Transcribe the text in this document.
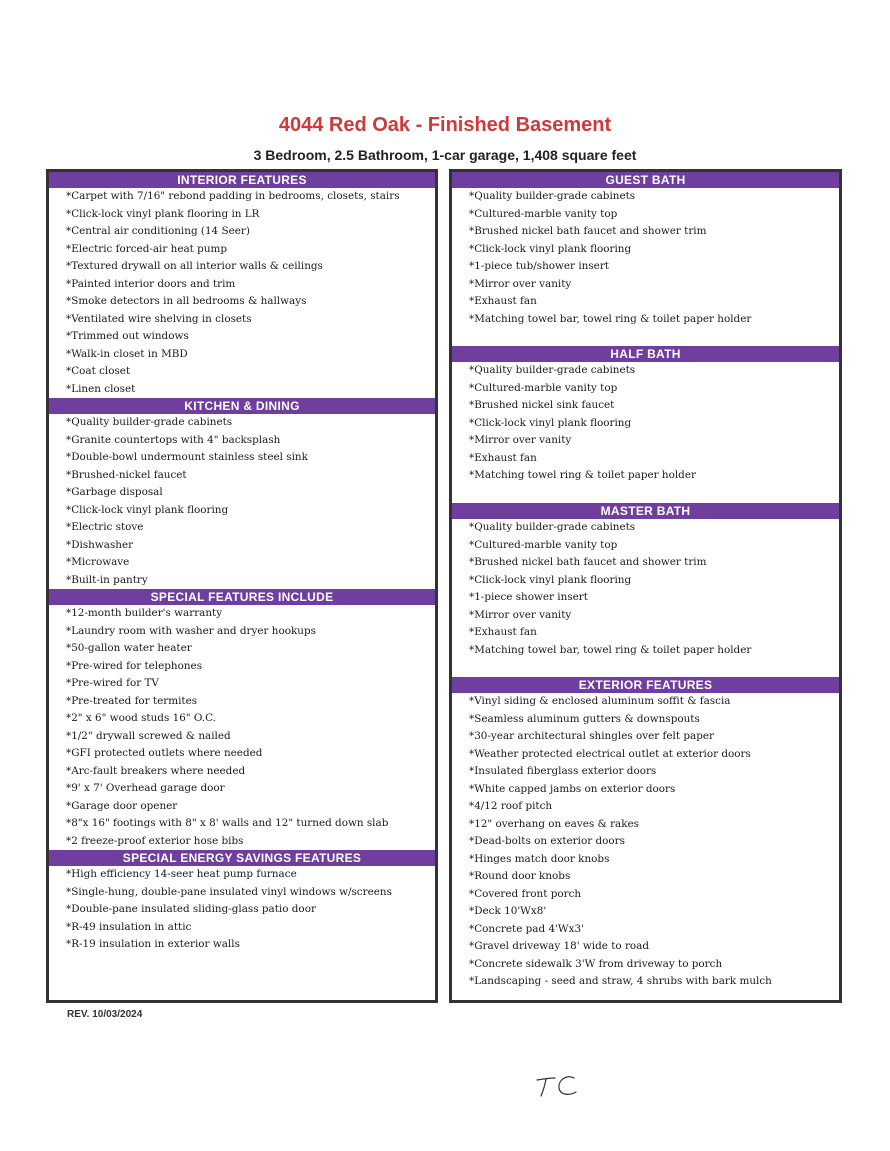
4044 Red Oak - Finished Basement
3 Bedroom, 2.5 Bathroom, 1-car garage, 1,408 square feet
INTERIOR FEATURES
*Carpet with 7/16" rebond padding in bedrooms, closets, stairs
*Click-lock vinyl plank flooring in LR
*Central air conditioning (14 Seer)
*Electric forced-air heat pump
*Textured drywall on all interior walls & ceilings
*Painted interior doors and trim
*Smoke detectors in all bedrooms & hallways
*Ventilated wire shelving in closets
*Trimmed out windows
*Walk-in closet in MBD
*Coat closet
*Linen closet
KITCHEN & DINING
*Quality builder-grade cabinets
*Granite countertops with 4" backsplash
*Double-bowl undermount stainless steel sink
*Brushed-nickel faucet
*Garbage disposal
*Click-lock vinyl plank flooring
*Electric stove
*Dishwasher
*Microwave
*Built-in pantry
SPECIAL FEATURES INCLUDE
*12-month builder's warranty
*Laundry room with washer and dryer hookups
*50-gallon water heater
*Pre-wired for telephones
*Pre-wired for TV
*Pre-treated for termites
*2" x 6" wood studs 16" O.C.
*1/2" drywall screwed & nailed
*GFI protected outlets where needed
*Arc-fault breakers where needed
*9' x 7' Overhead garage door
*Garage door opener
*8"x 16" footings with 8" x 8' walls and 12" turned down slab
*2 freeze-proof exterior hose bibs
SPECIAL ENERGY SAVINGS FEATURES
*High efficiency 14-seer heat pump furnace
*Single-hung, double-pane insulated vinyl windows w/screens
*Double-pane insulated sliding-glass patio door
*R-49 insulation in attic
*R-19 insulation in exterior walls
GUEST BATH
*Quality builder-grade cabinets
*Cultured-marble vanity top
*Brushed nickel bath faucet and shower trim
*Click-lock vinyl plank flooring
*1-piece tub/shower insert
*Mirror over vanity
*Exhaust fan
*Matching towel bar, towel ring & toilet paper holder
HALF BATH
*Quality builder-grade cabinets
*Cultured-marble vanity top
*Brushed nickel sink faucet
*Click-lock vinyl plank flooring
*Mirror over vanity
*Exhaust fan
*Matching towel ring & toilet paper holder
MASTER BATH
*Quality builder-grade cabinets
*Cultured-marble vanity top
*Brushed nickel bath faucet and shower trim
*Click-lock vinyl plank flooring
*1-piece shower insert
*Mirror over vanity
*Exhaust fan
*Matching towel bar, towel ring & toilet paper holder
EXTERIOR FEATURES
*Vinyl siding & enclosed aluminum soffit & fascia
*Seamless aluminum gutters & downspouts
*30-year architectural shingles over felt paper
*Weather protected electrical outlet at exterior doors
*Insulated fiberglass exterior doors
*White capped jambs on exterior doors
*4/12 roof pitch
*12" overhang on eaves & rakes
*Dead-bolts on exterior doors
*Hinges match door knobs
*Round door knobs
*Covered front porch
*Deck 10'Wx8'
*Concrete pad 4'Wx3'
*Gravel driveway 18' wide to road
*Concrete sidewalk 3'W from driveway to porch
*Landscaping - seed and straw, 4 shrubs with bark mulch
REV. 10/03/2024
